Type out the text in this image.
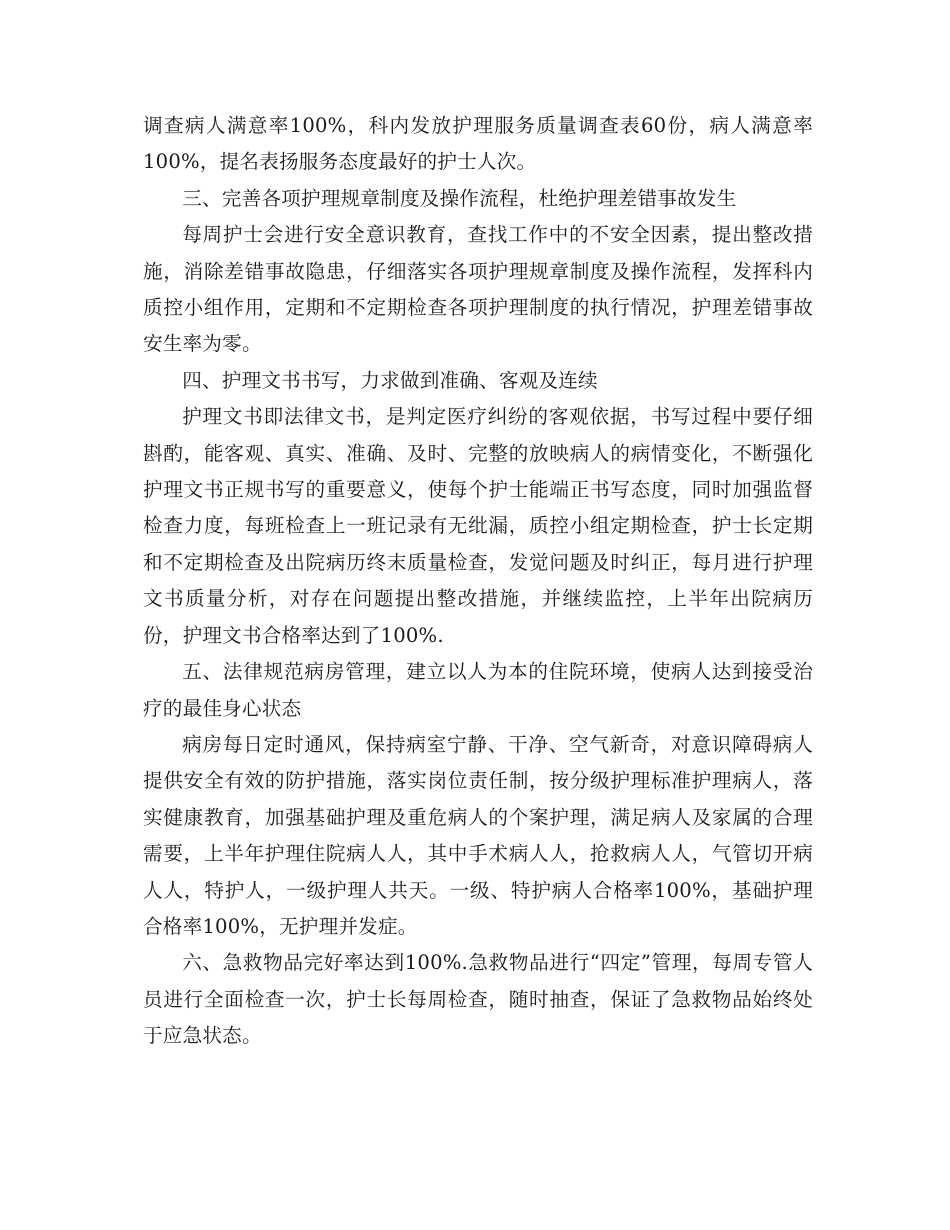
调查病人满意率100%，科内发放护理服务质量调查表60份，病人满意率100%，提名表扬服务态度最好的护士人次。

三、完善各项护理规章制度及操作流程，杜绝护理差错事故发生

每周护士会进行安全意识教育，查找工作中的不安全因素，提出整改措施，消除差错事故隐患，仔细落实各项护理规章制度及操作流程，发挥科内质控小组作用，定期和不定期检查各项护理制度的执行情况，护理差错事故安生率为零。

四、护理文书书写，力求做到准确、客观及连续

护理文书即法律文书，是判定医疗纠纷的客观依据，书写过程中要仔细斟酌，能客观、真实、准确、及时、完整的放映病人的病情变化，不断强化护理文书正规书写的重要意义，使每个护士能端正书写态度，同时加强监督检查力度，每班检查上一班记录有无纰漏，质控小组定期检查，护士长定期和不定期检查及出院病历终末质量检查，发觉问题及时纠正，每月进行护理文书质量分析，对存在问题提出整改措施，并继续监控，上半年出院病历份，护理文书合格率达到了100%.

五、法律规范病房管理，建立以人为本的住院环境，使病人达到接受治疗的最佳身心状态

病房每日定时通风，保持病室宁静、干净、空气新奇，对意识障碍病人提供安全有效的防护措施，落实岗位责任制，按分级护理标准护理病人，落实健康教育，加强基础护理及重危病人的个案护理，满足病人及家属的合理需要，上半年护理住院病人人，其中手术病人人，抢救病人人，气管切开病人人，特护人，一级护理人共天。一级、特护病人合格率100%，基础护理合格率100%，无护理并发症。

六、急救物品完好率达到100%.急救物品进行“四定”管理，每周专管人员进行全面检查一次，护士长每周检查，随时抽查，保证了急救物品始终处于应急状态。
